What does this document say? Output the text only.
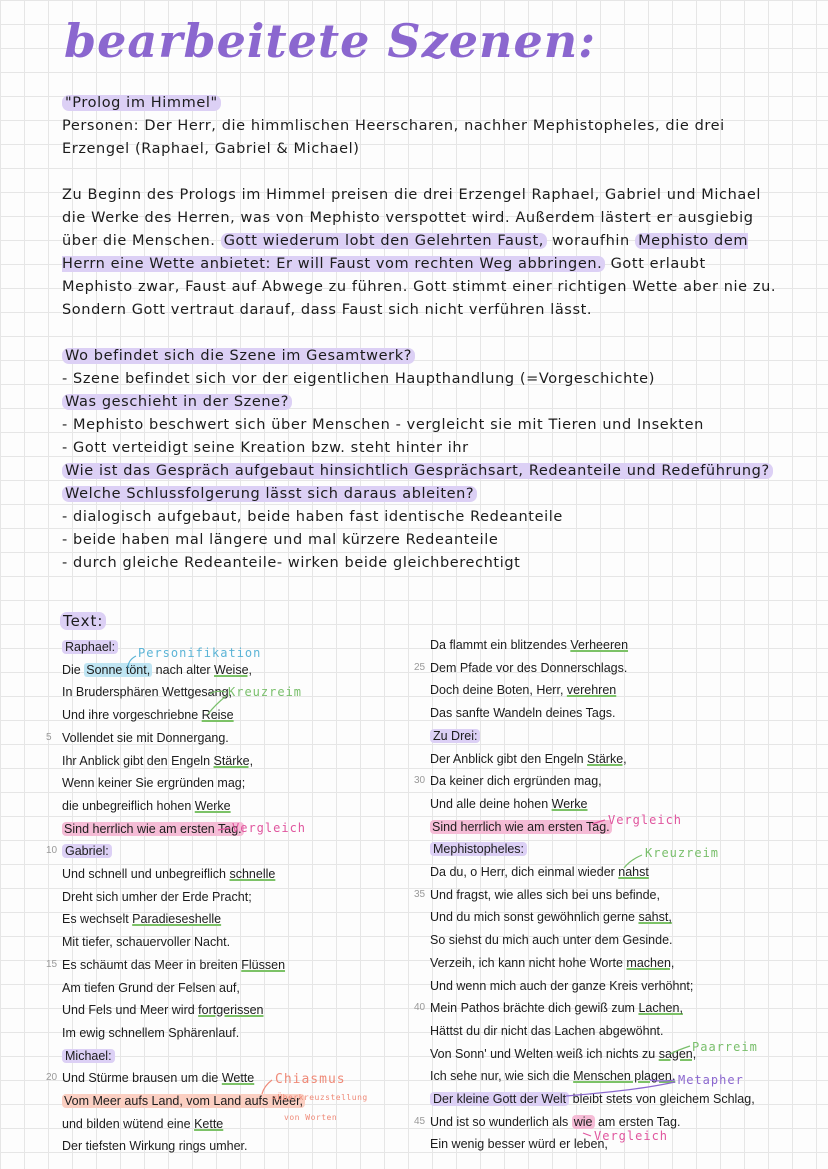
bearbeitete Szenen:

"Prolog im Himmel"

Personen: Der Herr, die himmlischen Heerscharen, nachher Mephistopheles, die drei Erzengel (Raphael, Gabriel & Michael)

Zu Beginn des Prologs im Himmel preisen die drei Erzengel Raphael, Gabriel und Michael die Werke des Herren, was von Mephisto verspottet wird. Außerdem lästert er ausgiebig über die Menschen. Gott wiederum lobt den Gelehrten Faust, woraufhin Mephisto dem Herrn eine Wette anbietet: Er will Faust vom rechten Weg abbringen. Gott erlaubt Mephisto zwar, Faust auf Abwege zu führen. Gott stimmt einer richtigen Wette aber nie zu. Sondern Gott vertraut darauf, dass Faust sich nicht verführen lässt.

Wo befindet sich die Szene im Gesamtwerk?

- Szene befindet sich vor der eigentlichen Haupthandlung (=Vorgeschichte)

Was geschieht in der Szene?

- Mephisto beschwert sich über Menschen - vergleicht sie mit Tieren und Insekten

- Gott verteidigt seine Kreation bzw. steht hinter ihr

Wie ist das Gespräch aufgebaut hinsichtlich Gesprächsart, Redeanteile und Redeführung?

Welche Schlussfolgerung lässt sich daraus ableiten?

- dialogisch aufgebaut, beide haben fast identische Redeanteile

- beide haben mal längere und mal kürzere Redeanteile

- durch gleiche Redeanteile- wirken beide gleichberechtigt

Text:
Raphael:
Die Sonne tönt, nach alter Weise,
In Brudersphären Wettgesang,
Und ihre vorgeschriebne Reise
5 Vollendet sie mit Donnergang.
Ihr Anblick gibt den Engeln Stärke,
Wenn keiner Sie ergründen mag;
die unbegreiflich hohen Werke
Sind herrlich wie am ersten Tag.
10 Gabriel:
Und schnell und unbegreiflich schnelle
Dreht sich umher der Erde Pracht;
Es wechselt Paradieseshelle
Mit tiefer, schauervoller Nacht.
15 Es schäumt das Meer in breiten Flüssen
Am tiefen Grund der Felsen auf,
Und Fels und Meer wird fortgerissen
Im ewig schnellem Sphärenlauf.
Michael:
20 Und Stürme brausen um die Wette
Vom Meer aufs Land, vom Land aufs Meer,
und bilden wütend eine Kette
Der tiefsten Wirkung rings umher.
Da flammt ein blitzendes Verheeren
25 Dem Pfade vor des Donnerschlags.
Doch deine Boten, Herr, verehren
Das sanfte Wandeln deines Tags.
Zu Drei:
Der Anblick gibt den Engeln Stärke,
30 Da keiner dich ergründen mag,
Und alle deine hohen Werke
Sind herrlich wie am ersten Tag.
Mephistopheles:
Da du, o Herr, dich einmal wieder nahst
35 Und fragst, wie alles sich bei uns befinde,
Und du mich sonst gewöhnlich gerne sahst,
So siehst du mich auch unter dem Gesinde.
Verzeih, ich kann nicht hohe Worte machen,
Und wenn mich auch der ganze Kreis verhöhnt;
40 Mein Pathos brächte dich gewiß zum Lachen,
Hättst du dir nicht das Lachen abgewöhnt.
Von Sonn' und Welten weiß ich nichts zu sagen,
Ich sehe nur, wie sich die Menschen plagen.
Der kleine Gott der Welt bleibt stets von gleichem Schlag,
45 Und ist so wunderlich als wie am ersten Tag.
Ein wenig besser würd er leben,
Personifikation
Kreuzreim
Vergleich
Vergleich
Kreuzreim
Paarreim
Metapher
Vergleich
Chiasmus
=Überkreuzstellung
von Worten
